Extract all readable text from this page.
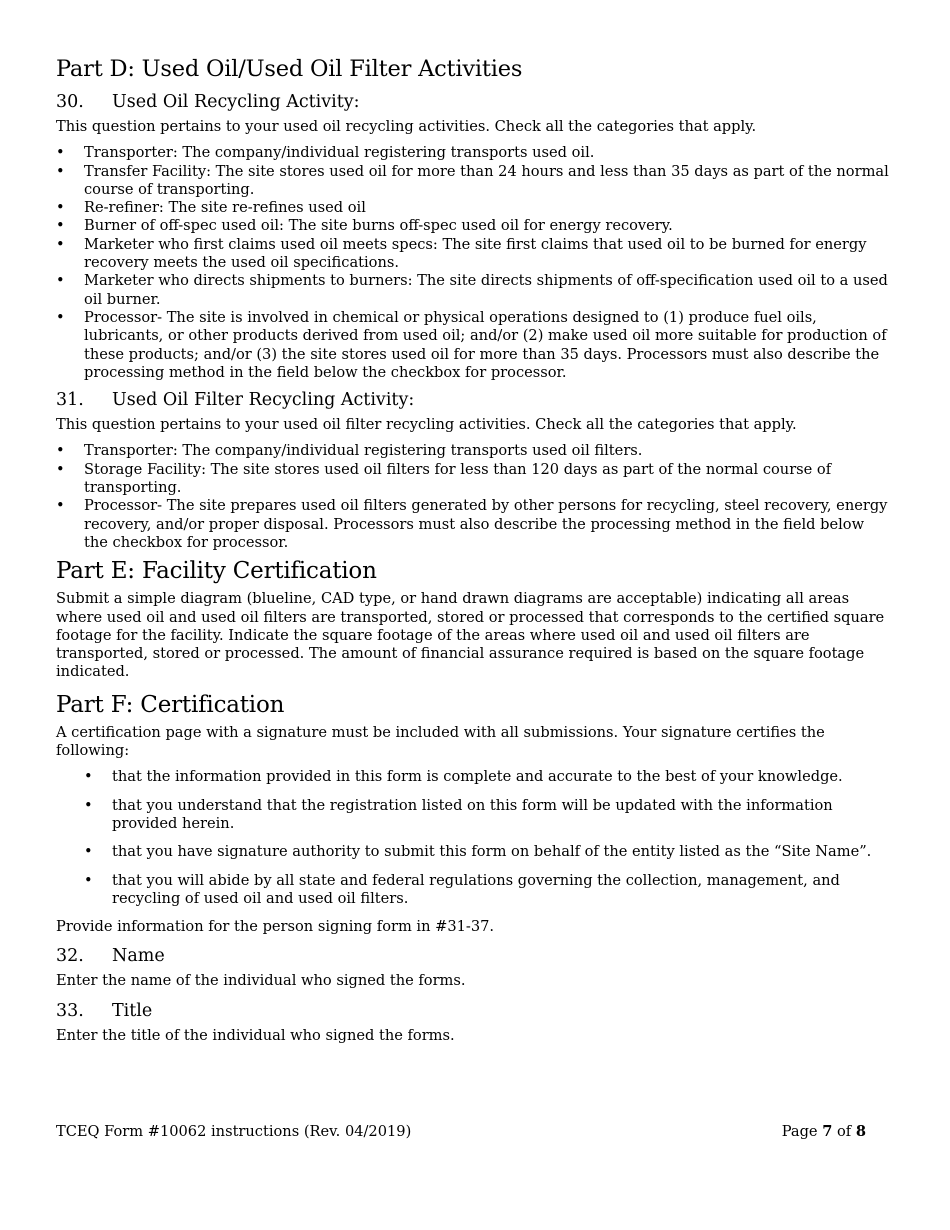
Part D: Used Oil/Used Oil Filter Activities
30.	Used Oil Recycling Activity:

This question pertains to your used oil recycling activities. Check all the categories that apply.

• Transporter: The company/individual registering transports used oil.
• Transfer Facility: The site stores used oil for more than 24 hours and less than 35 days as part of the normal course of transporting.
• Re-refiner: The site re-refines used oil
• Burner of off-spec used oil: The site burns off-spec used oil for energy recovery.
• Marketer who first claims used oil meets specs: The site first claims that used oil to be burned for energy recovery meets the used oil specifications.
• Marketer who directs shipments to burners: The site directs shipments of off-specification used oil to a used oil burner.
• Processor- The site is involved in chemical or physical operations designed to (1) produce fuel oils, lubricants, or other products derived from used oil; and/or (2) make used oil more suitable for production of these products; and/or (3) the site stores used oil for more than 35 days. Processors must also describe the processing method in the field below the checkbox for processor.
31.	Used Oil Filter Recycling Activity:

This question pertains to your used oil filter recycling activities. Check all the categories that apply.

• Transporter: The company/individual registering transports used oil filters.
• Storage Facility: The site stores used oil filters for less than 120 days as part of the normal course of transporting.
• Processor- The site prepares used oil filters generated by other persons for recycling, steel recovery, energy recovery, and/or proper disposal. Processors must also describe the processing method in the field below the checkbox for processor.
Part E: Facility Certification

Submit a simple diagram (blueline, CAD type, or hand drawn diagrams are acceptable) indicating all areas where used oil and used oil filters are transported, stored or processed that corresponds to the certified square footage for the facility. Indicate the square footage of the areas where used oil and used oil filters are transported, stored or processed. The amount of financial assurance required is based on the square footage indicated.

Part F: Certification

A certification page with a signature must be included with all submissions. Your signature certifies the following:

• that the information provided in this form is complete and accurate to the best of your knowledge.
• that you understand that the registration listed on this form will be updated with the information provided herein.
• that you have signature authority to submit this form on behalf of the entity listed as the “Site Name”.
• that you will abide by all state and federal regulations governing the collection, management, and recycling of used oil and used oil filters.

Provide information for the person signing form in #31-37.

32.	Name

Enter the name of the individual who signed the forms.

33.	Title

Enter the title of the individual who signed the forms.

TCEQ Form #10062 instructions (Rev. 04/2019)	Page 7 of 8
